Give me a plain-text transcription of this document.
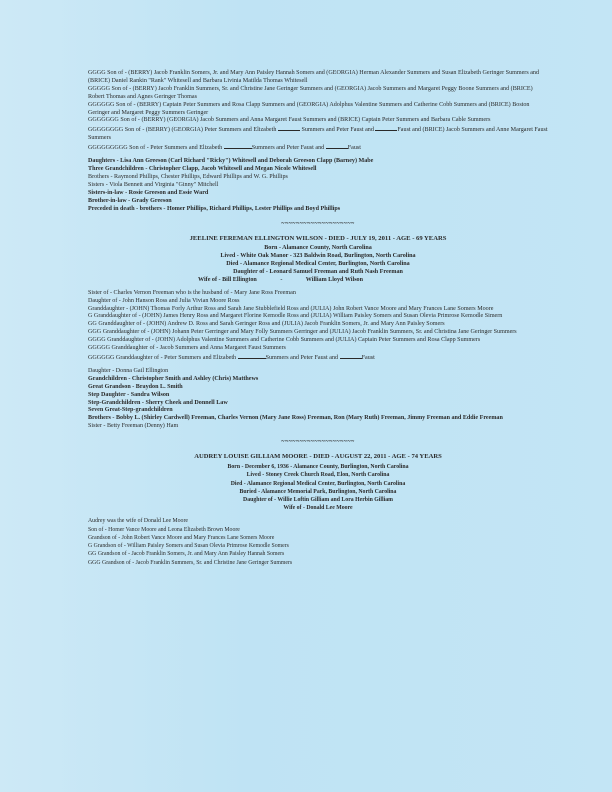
GGGG Son of - (BERRY) Jacob Franklin Somers, Jr. and Mary Ann Paisley Hannah Somers and (GEORGIA) Herman Alexander Summers and Susan Elizabeth Geringer Summers and (BRICE) Daniel Rankin "Rank" Whitesell and Barbara Livinia Matilda Thomas Whitesell

GGGGG Son of - (BERRY) Jacob Franklin Summers, Sr. and Christine Jane Geringer Summers and (GEORGIA) Jacob Summers and Margaret Peggy Boone Summers and (BRICE) Robert Thomas and Agnes Geringer Thomas

GGGGGG Son of - (BERRY) Captain Peter Summers and Rosa Clapp Summers and (GEORGIA) Adolphus Valentine Summers and Catherine Cobb Summers and (BRICE) Boston Geringer and Margaret Peggy Summers Geringer

GGGGGGG Son of - (BERRY) (GEORGIA) Jacob Summers and Anna Margaret Faust Summers and (BRICE) Captain Peter Summers and Barbara Cable Summers

GGGGGGGG Son of - (BERRY) (GEORGIA) Peter Summers and Elizabeth	Summers and Peter Faust and	Faust and (BRICE) Jacob Summers and Anne Margaret Faust Summers

GGGGGGGGG Son of - Peter Summers and Elizabeth	Summers and Peter Faust and	Faust

Daughters - Lisa Ann Greeson (Carl Richard "Ricky") Whitesell and Deborah Greeson Clapp (Barney) Mabe

Three Grandchildren - Christopher Clapp, Jacob Whitesell and Megan Nicole Whitesell

Brothers - Raymond Phillips, Chester Phillips, Edward Phillips and W. G. Phillips

Sisters - Viola Bennett and Virginia "Ginny" Mitchell

Sisters-in-law - Rosie Greeson and Essie Ward

Brother-in-law - Grady Greeson

Preceded in death - brothers - Homer Phillips, Richard Phillips, Lester Phillips and Boyd Phillips

~~~~~~~~~~~~~~~~~~~~

JEELINE FEREMAN ELLINGTON WILSON - DIED - JULY 19, 2011 - AGE - 69 YEARS

Born - Alamance County, North Carolina

Lived - White Oak Manor - 323 Baldwin Road, Burlington, North Carolina

Died - Alamance Regional Medical Center, Burlington, North Carolina

Daughter of - Leonard Samuel Freeman and Ruth Nash Freeman

Wife of - Bill Ellington	-	William Lloyd Wilson

Sister of - Charles Vernon Freeman who is the husband of - Mary Jane Ross Freeman

Daughter of - John Hanson Ross and Julia Vivian Moore Ross

Granddaughter - (JOHN) Thomas Forly Arthur Ross and Sarah Jane Stubblefield Ross and (JULIA) John Robert Vance Moore and Mary Frances Lane Somers Moore

G Granddaughter of - (JOHN) James Henry Ross and Margaret Florine Kemodle Ross and (JULIA) William Paisley Somers and Susan Olevia Primrose Kemodle Simern

GG Granddaughter of - (JOHN) Andrew D. Ross and Sarah Geringer Ross and (JULIA) Jacob Franklin Somers, Jr. and Mary Ann Paisley Somers

GGG Granddaughter of - (JOHN) Johann Peter Gerringer and Mary Folly Summers Gerringer and (JULIA) Jacob Franklin Summers, Sr. and Christina Jane Geringer Summers

GGGG Granddaughter of - (JOHN) Adolphus Valentine Summers and Catherine Cobb Summers and (JULIA) Captain Peter Summers and Rosa Clapp Summers

GGGGG Granddaughter of - Jacob Summers and Anna Margaret Faust Summers

GGGGGG Granddaughter of - Peter Summers and Elizabeth	Summers and Peter Faust and	Faust

Daughter - Donna Gail Ellington

Grandchildren - Christopher Smith and Ashley (Chris) Matthews

Great Grandson - Braydon L. Smith

Step Daughter - Sandra Wilson

Step-Grandchildren - Sherry Cheek and Donnell Law

Seven Great-Step-grandchildren

Brothers - Bobby L. (Shirley Cardwell) Freeman, Charles Vernon (Mary Jane Ross) Freeman, Ron (Mary Ruth) Freeman, Jimmy Freeman and Eddie Freeman

Sister - Betty Freeman (Denny) Ham

~~~~~~~~~~~~~~~~~~~~

AUDREY LOUISE GILLIAM MOORE - DIED - AUGUST 22, 2011 - AGE - 74 YEARS

Born - December 6, 1936 - Alamance County, Burlington, North Carolina

Lived - Stoney Creek Church Road, Elon, North Carolina

Died - Alamance Regional Medical Center, Burlington, North Carolina

Buried - Alamance Memorial Park, Burlington, North Carolina

Daughter of - Willie Loftin Gilliam and Lora Herbin Gilliam

Wife of - Donald Lee Moore

Audrey was the wife of Donald Lee Moore

Son of - Homer Vance Moore and Leona Elizabeth Brown Moore

Grandson of - John Robert Vance Moore and Mary Frances Lane Somers Moore

G Grandson of - William Paisley Somers and Susan Olevia Primrose Kemodle Somers

GG Grandson of - Jacob Franklin Somers, Jr. and Mary Ann Paisley Hannah Somers

GGG Grandson of - Jacob Franklin Summers, Sr. and Christine Jane Geringer Summers
